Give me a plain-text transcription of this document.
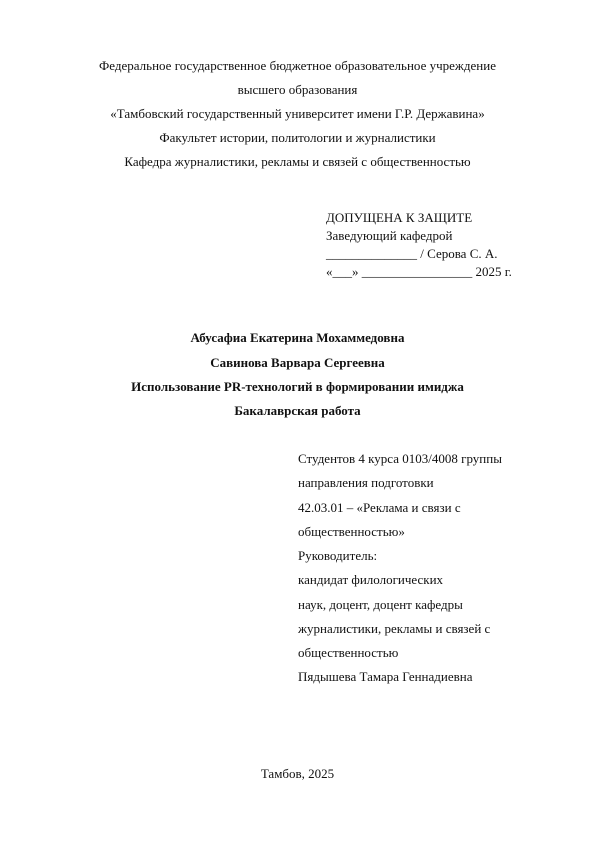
Федеральное государственное бюджетное образовательное учреждение
высшего образования
«Тамбовский государственный университет имени Г.Р. Державина»
Факультет истории, политологии и журналистики
Кафедра журналистики, рекламы и связей с общественностью
ДОПУЩЕНА К ЗАЩИТЕ
Заведующий кафедрой
______________ / Серова С. А.
«___» _________________ 2025 г.
Абусафиа Екатерина Мохаммедовна
Савинова Варвара Сергеевна
Использование PR-технологий в формировании имиджа
Бакалаврская работа
Студентов 4 курса 0103/4008 группы
направления подготовки
42.03.01 – «Реклама и связи с
общественностью»
Руководитель:
кандидат филологических
наук, доцент, доцент кафедры
журналистики, рекламы и связей с
общественностью
Пядышева Тамара Геннадиевна
Тамбов, 2025
